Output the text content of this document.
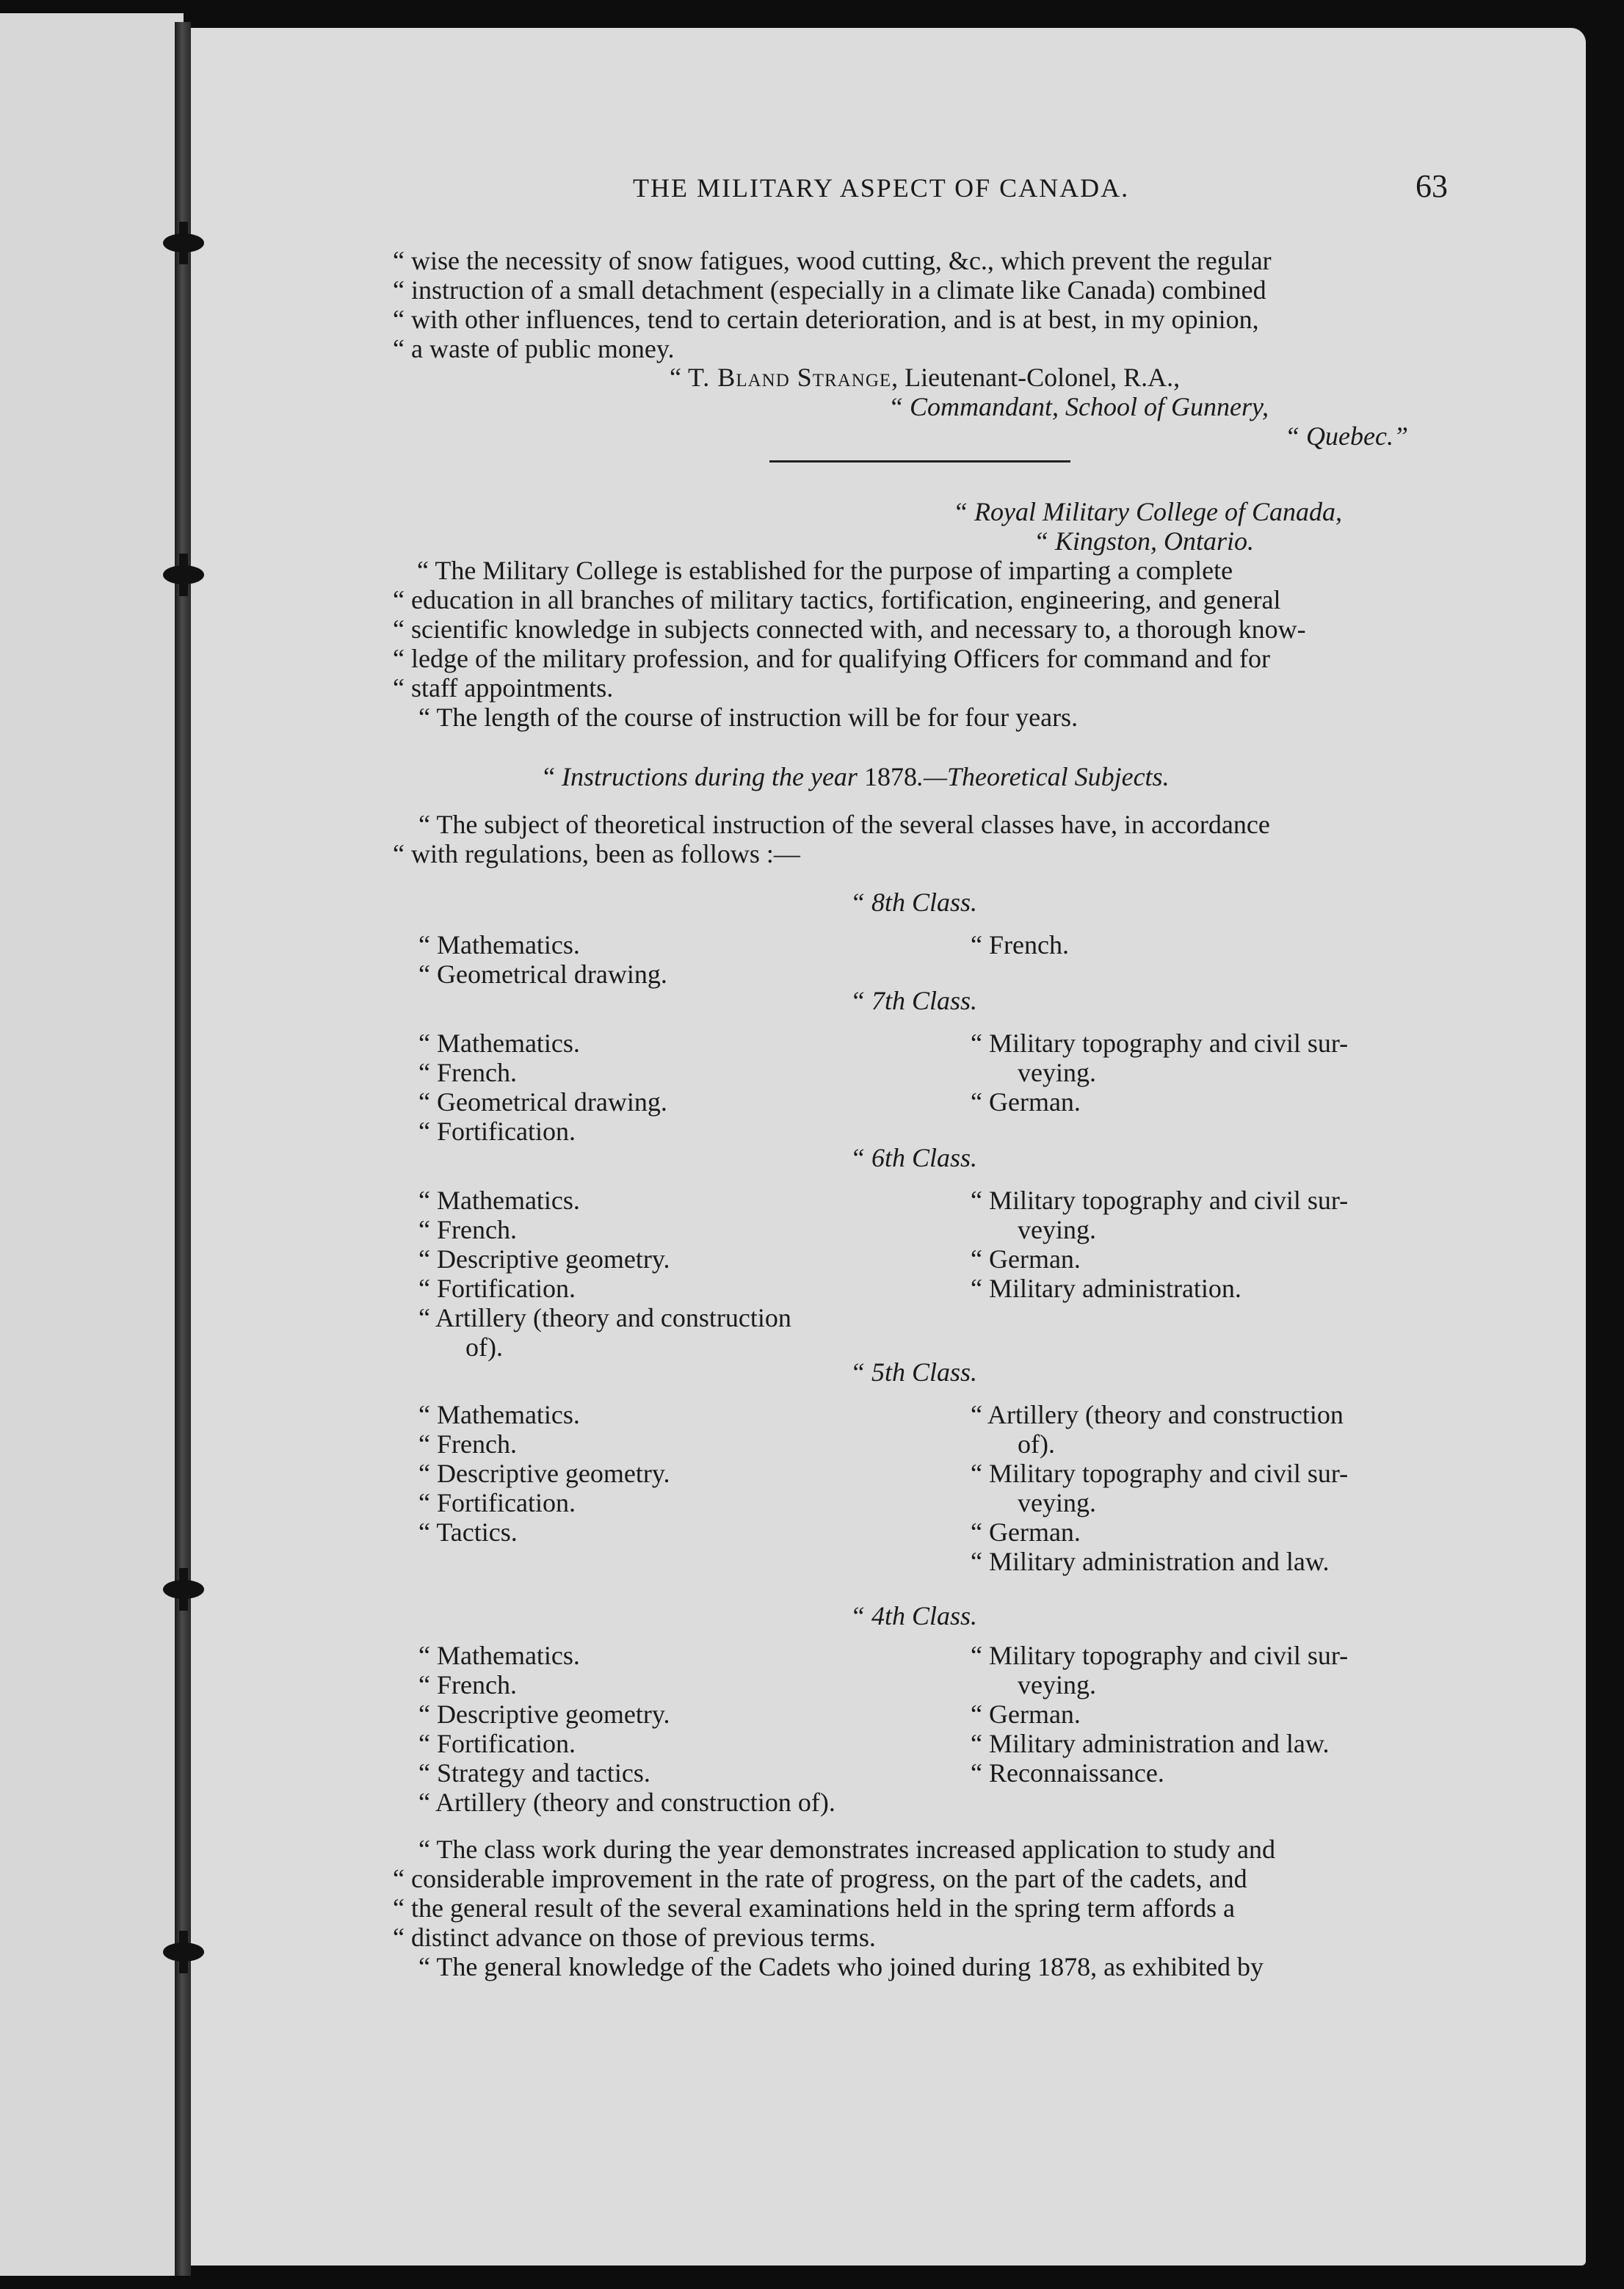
THE MILITARY ASPECT OF CANADA.	63
“ wise the necessity of snow fatigues, wood cutting, &c., which prevent the regular
“ instruction of a small detachment (especially in a climate like Canada) combined
“ with other influences, tend to certain deterioration, and is at best, in my opinion,
“ a waste of public money.
“ T. Bland Strange, Lieutenant-Colonel, R.A.,
“ Commandant, School of Gunnery,
“ Quebec.”
“ Royal Military College of Canada,
“ Kingston, Ontario.
“ The Military College is established for the purpose of imparting a complete
“ education in all branches of military tactics, fortification, engineering, and general
“ scientific knowledge in subjects connected with, and necessary to, a thorough know-
“ ledge of the military profession, and for qualifying Officers for command and for
“ staff appointments.
“ The length of the course of instruction will be for four years.
“ Instructions during the year 1878.—Theoretical Subjects.
“ The subject of theoretical instruction of the several classes have, in accordance
“ with regulations, been as follows :—
“ 8th Class.
“ Mathematics.
“ Geometrical drawing.
“ French.
“ 7th Class.
“ Mathematics.
“ French.
“ Geometrical drawing.
“ Fortification.
“ Military topography and civil sur-
veying.
“ German.
“ 6th Class.
“ Mathematics.
“ French.
“ Descriptive geometry.
“ Fortification.
“ Artillery (theory and construction
of).
“ Military topography and civil sur-
veying.
“ German.
“ Military administration.
“ 5th Class.
“ Mathematics.
“ French.
“ Descriptive geometry.
“ Fortification.
“ Tactics.
“ Artillery (theory and construction
of).
“ Military topography and civil sur-
veying.
“ German.
“ Military administration and law.
“ 4th Class.
“ Mathematics.
“ French.
“ Descriptive geometry.
“ Fortification.
“ Strategy and tactics.
“ Artillery (theory and construction of).
“ Military topography and civil sur-
veying.
“ German.
“ Military administration and law.
“ Reconnaissance.
“ The class work during the year demonstrates increased application to study and
“ considerable improvement in the rate of progress, on the part of the cadets, and
“ the general result of the several examinations held in the spring term affords a
“ distinct advance on those of previous terms.
“ The general knowledge of the Cadets who joined during 1878, as exhibited by
